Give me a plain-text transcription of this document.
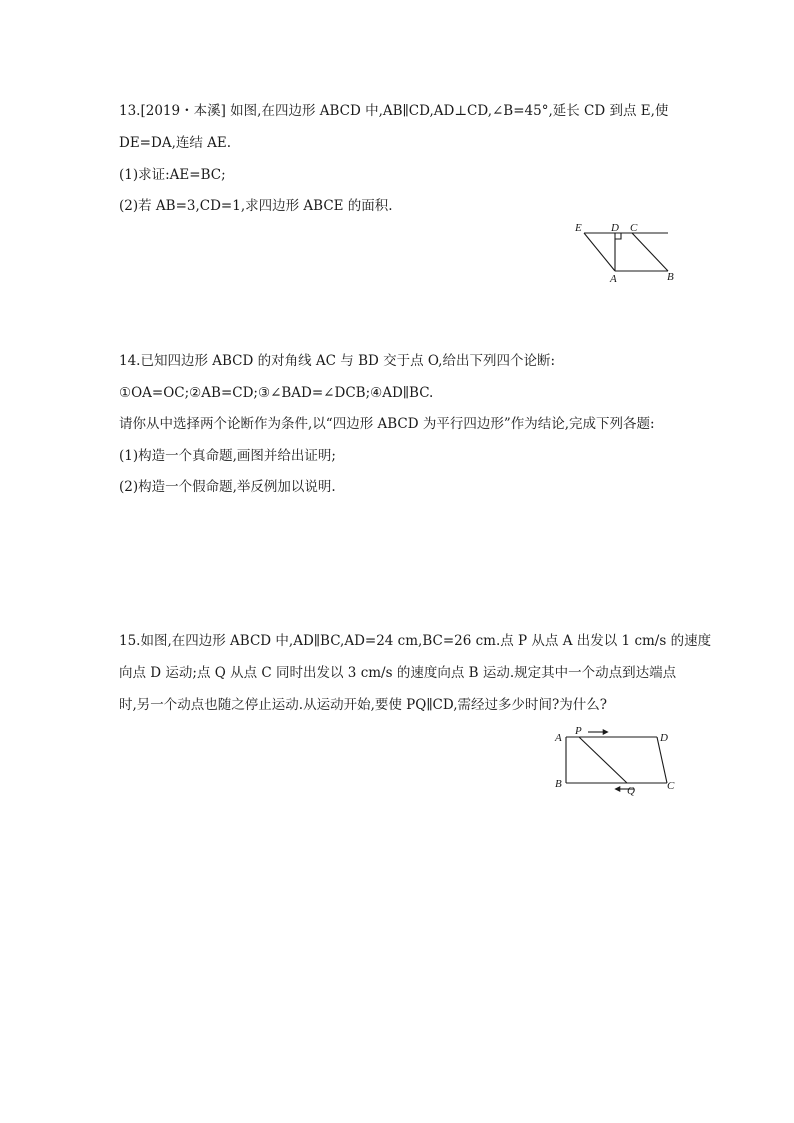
13.[2019・本溪] 如图,在四边形 ABCD 中,AB∥CD,AD⊥CD,∠B=45°,延长 CD 到点 E,使
DE=DA,连结 AE.
(1)求证:AE=BC;
(2)若 AB=3,CD=1,求四边形 ABCE 的面积.
E	D C
A	B
14.已知四边形 ABCD 的对角线 AC 与 BD 交于点 O,给出下列四个论断:
①OA=OC;②AB=CD;③∠BAD=∠DCB;④AD∥BC.
请你从中选择两个论断作为条件,以“四边形 ABCD 为平行四边形”作为结论,完成下列各题:
(1)构造一个真命题,画图并给出证明;
(2)构造一个假命题,举反例加以说明.
15.如图,在四边形 ABCD 中,AD∥BC,AD=24 cm,BC=26 cm.点 P 从点 A 出发以 1 cm/s 的速度
向点 D 运动;点 Q 从点 C 同时出发以 3 cm/s 的速度向点 B 运动.规定其中一个动点到达端点
时,另一个动点也随之停止运动.从运动开始,要使 PQ∥CD,需经过多少时间?为什么?
A
P
D
B
Q	C
